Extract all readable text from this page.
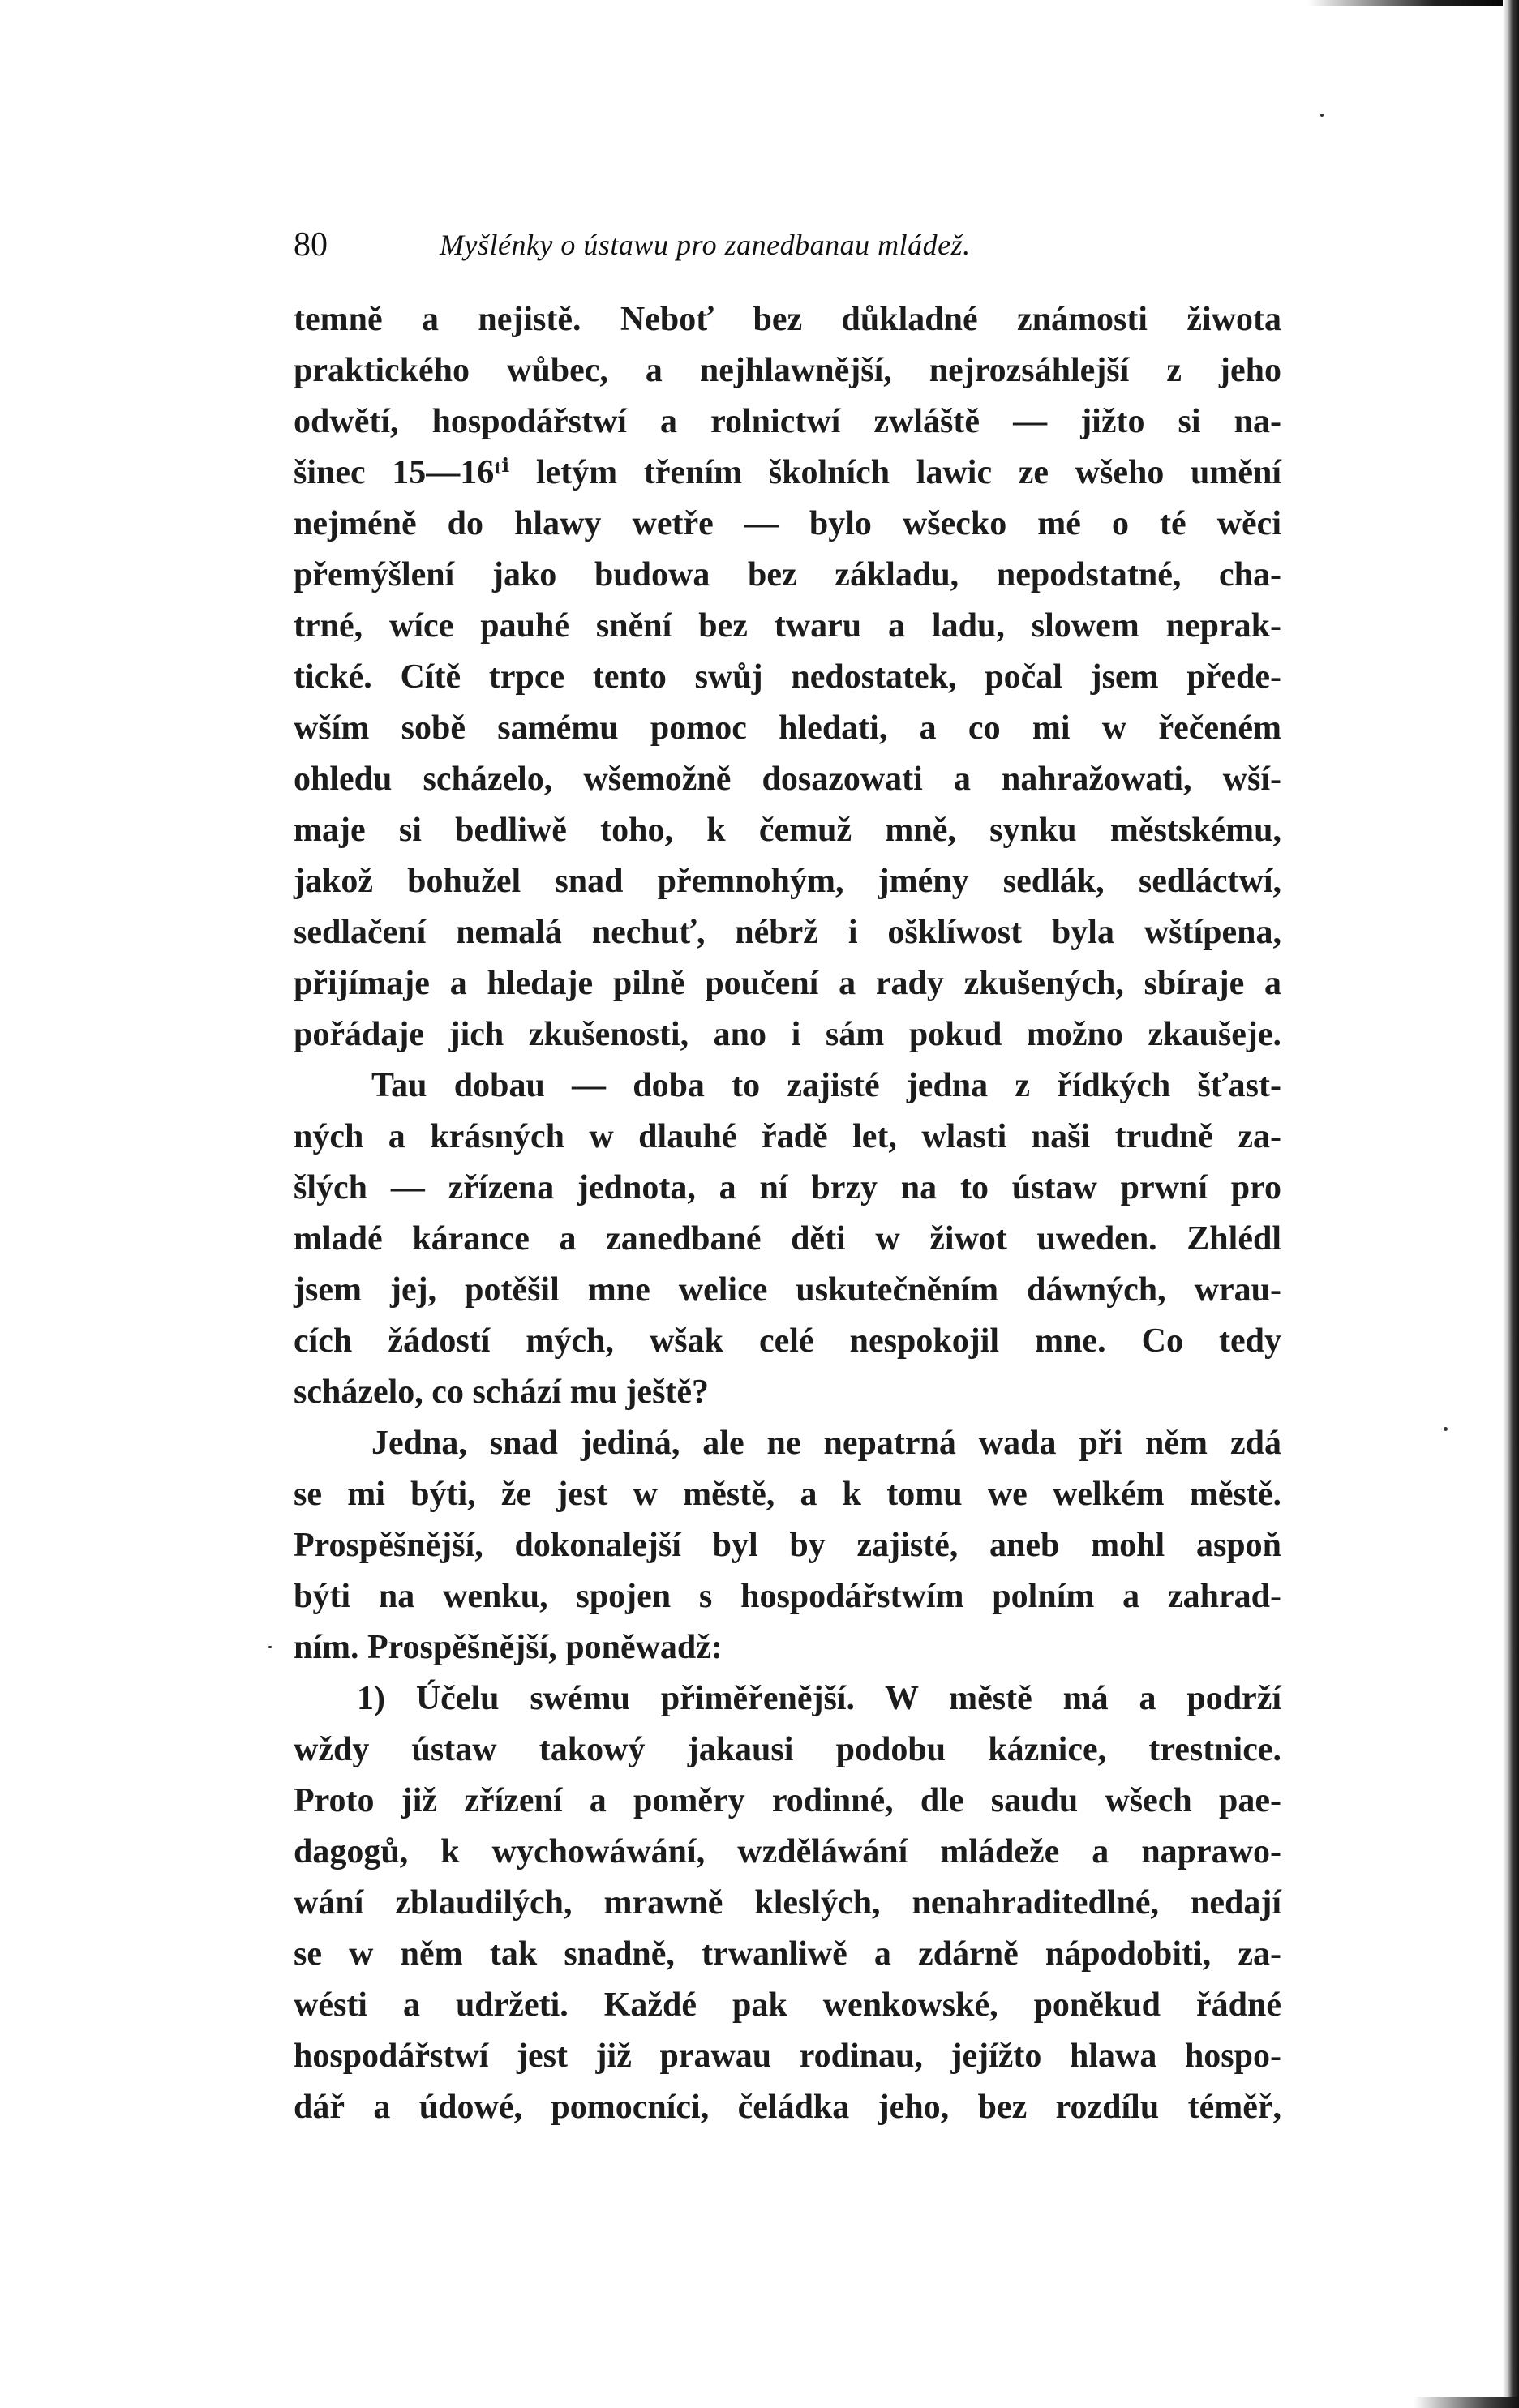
80	Myšlénky o ústawu pro zanedbanau mládež.
temně a nejistě. Neboť bez důkladné známosti žiwota
praktického wůbec, a nejhlawnější, nejrozsáhlejší z jeho
odwětí, hospodářstwí a rolnictwí zwláště — jižto si na-
šinec 15—16ᵗⁱ letým třením školních lawic ze wšeho umění
nejméně do hlawy wetře — bylo wšecko mé o té wěci
přemýšlení jako budowa bez základu, nepodstatné, cha-
trné, wíce pauhé snění bez twaru a ladu, slowem neprak-
tické. Cítě trpce tento swůj nedostatek, počal jsem přede-
wším sobě samému pomoc hledati, a co mi w řečeném
ohledu scházelo, wšemožně dosazowati a nahražowati, wší-
maje si bedliwě toho, k čemuž mně, synku městskému,
jakož bohužel snad přemnohým, jmény sedlák, sedláctwí,
sedlačení nemalá nechuť, nébrž i ošklíwost byla wštípena,
přijímaje a hledaje pilně poučení a rady zkušených, sbíraje a
pořádaje jich zkušenosti, ano i sám pokud možno zkaušeje.
Tau dobau — doba to zajisté jedna z řídkých šťast-
ných a krásných w dlauhé řadě let, wlasti naši trudně za-
šlých — zřízena jednota, a ní brzy na to ústaw prwní pro
mladé kárance a zanedbané děti w žiwot uweden. Zhlédl
jsem jej, potěšil mne welice uskutečněním dáwných, wrau-
cích žádostí mých, wšak celé nespokojil mne. Co tedy
scházelo, co schází mu ještě?
Jedna, snad jediná, ale ne nepatrná wada při něm zdá
se mi býti, že jest w městě, a k tomu we welkém městě.
Prospěšnější, dokonalejší byl by zajisté, aneb mohl aspoň
býti na wenku, spojen s hospodářstwím polním a zahrad-
ním. Prospěšnější, poněwadž:
1) Účelu swému přiměřenější. W městě má a podrží
wždy ústaw takowý jakausi podobu káznice, trestnice.
Proto již zřízení a poměry rodinné, dle saudu wšech pae-
dagogů, k wychowáwání, wzděláwání mládeže a naprawo-
wání zblaudilých, mrawně kleslých, nenahraditedlné, nedají
se w něm tak snadně, trwanliwě a zdárně nápodobiti, za-
wésti a udržeti. Každé pak wenkowské, poněkud řádné
hospodářstwí jest již prawau rodinau, jejížto hlawa hospo-
dář a údowé, pomocníci, čeládka jeho, bez rozdílu téměř,
